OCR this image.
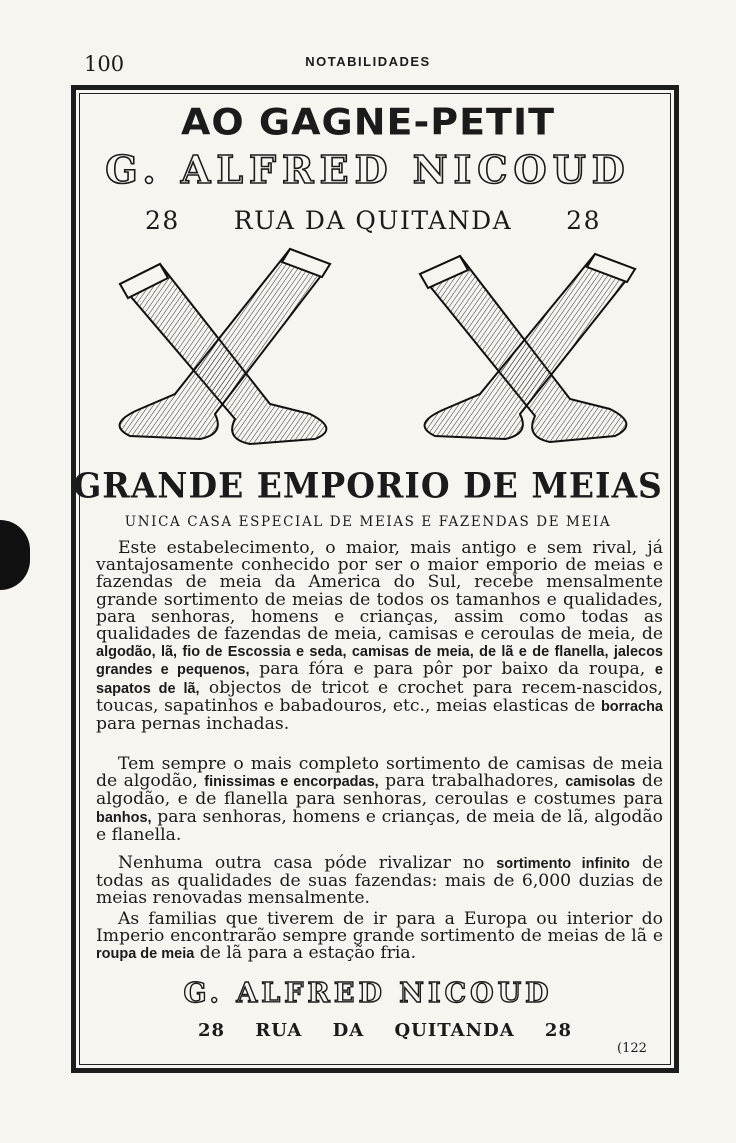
100	NOTABILIDADES
AO GAGNE-PETIT
G. ALFRED NICOUD
28 RUA DA QUITANDA 28
GRANDE EMPORIO DE MEIAS
UNICA CASA ESPECIAL DE MEIAS E FAZENDAS DE MEIA
Este estabelecimento, o maior, mais antigo e sem rival, já vantajosamente conhecido por ser o maior emporio de meias e fazendas de meia da America do Sul, recebe mensalmente grande sortimento de meias de todos os tamanhos e qualidades, para senhoras, homens e crianças, assim como todas as qualidades de fazendas de meia, camisas e ceroulas de meia, de algodão, lã, fio de Escossia e seda, camisas de meia, de lã e de flanella, jalecos grandes e pequenos, para fóra e para pôr por baixo da roupa, e sapatos de lã, objectos de tricot e crochet para recem-nascidos, toucas, sapatinhos e babadouros, etc., meias elasticas de borracha para pernas inchadas.
Tem sempre o mais completo sortimento de camisas de meia de algodão, finissimas e encorpadas, para trabalhadores, camisolas de algodão, e de flanella para senhoras, ceroulas e costumes para banhos, para senhoras, homens e crianças, de meia de lã, algodão e flanella.
Nenhuma outra casa póde rivalizar no sortimento infinito de todas as qualidades de suas fazendas: mais de 6,000 duzias de meias renovadas mensalmente.
As familias que tiverem de ir para a Europa ou interior do Imperio encontrarão sempre grande sortimento de meias de lã e roupa de meia de lã para a estação fria.
G. ALFRED NICOUD
28 RUA DA QUITANDA 28
(122
